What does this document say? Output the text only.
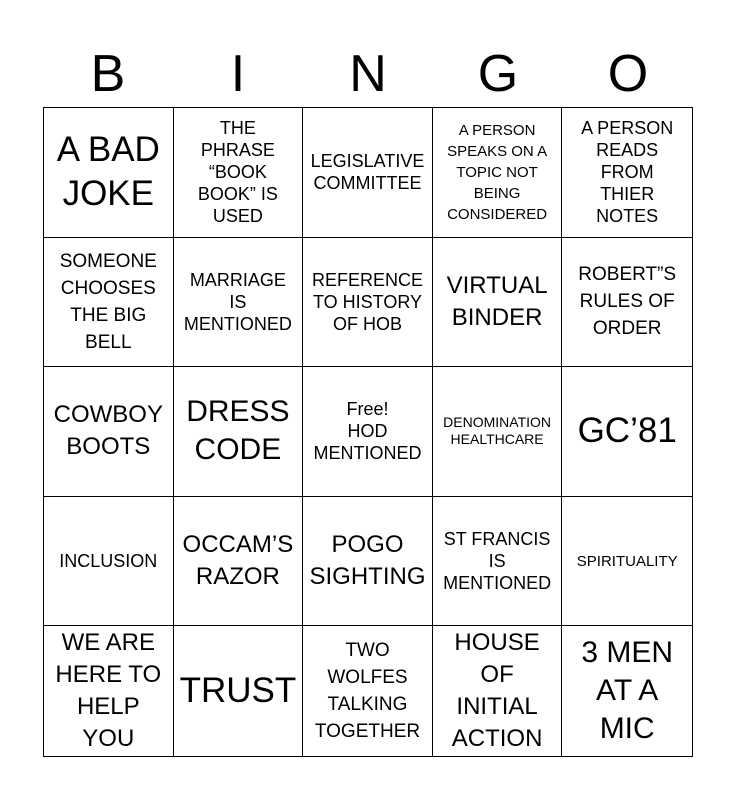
B	I	N	G	O
A BAD
JOKE
THE
PHRASE
“BOOK
BOOK” IS
USED
LEGISLATIVE
COMMITTEE
A PERSON
SPEAKS ON A
TOPIC NOT
BEING
CONSIDERED
A PERSON
READS
FROM
THIER
NOTES
SOMEONE
CHOOSES
THE BIG
BELL
MARRIAGE
IS
MENTIONED
REFERENCE
TO HISTORY
OF HOB
VIRTUAL
BINDER
ROBERT”S
RULES OF
ORDER
COWBOY
BOOTS
DRESS
CODE
Free!
HOD
MENTIONED
DENOMINATION
HEALTHCARE GC’81
INCLUSION
OCCAM’S
RAZOR
POGO
SIGHTING
ST FRANCIS
IS
MENTIONED
SPIRITUALITY
WE ARE
HERE TO
HELP
YOU
TRUST
TWO
WOLFES
TALKING
TOGETHER
HOUSE
OF
INITIAL
ACTION
3 MEN
AT A
MIC
